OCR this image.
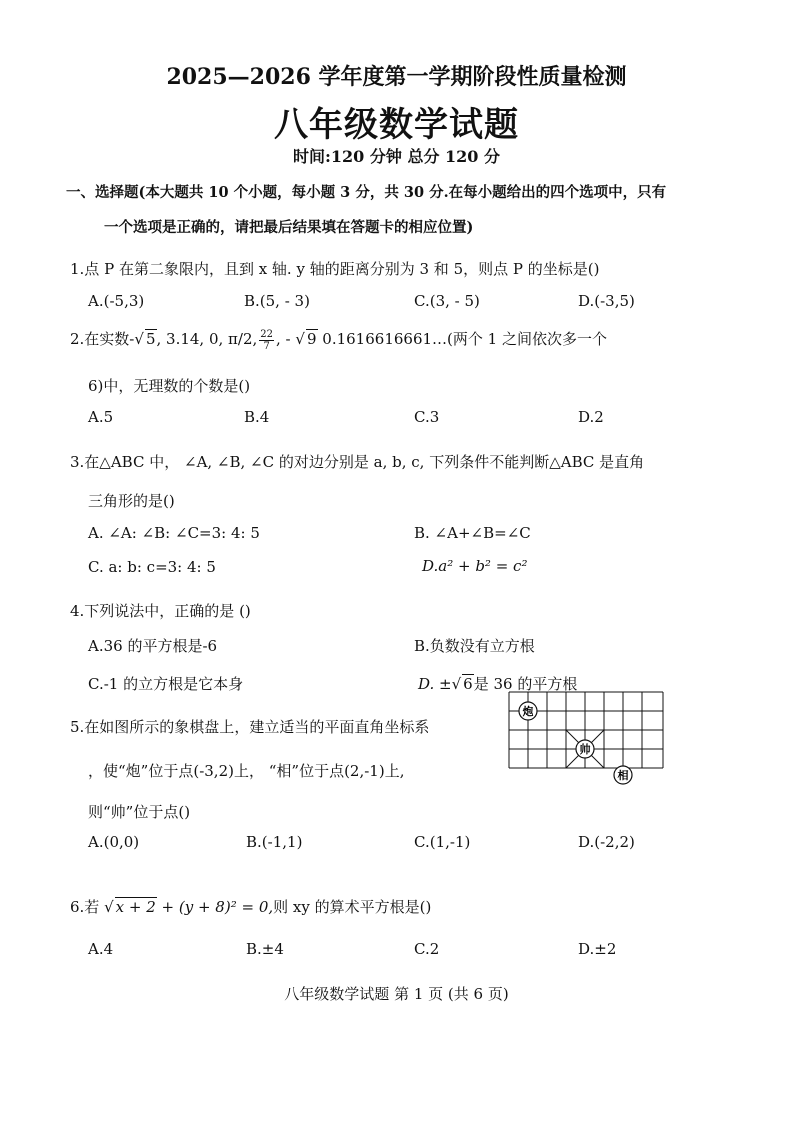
2025—2026 学年度第一学期阶段性质量检测
八年级数学试题
时间:120 分钟 总分 120 分
一、选择题(本大题共 10 个小题，每小题 3 分，共 30 分.在每小题给出的四个选项中，只有
一个选项是正确的，请把最后结果填在答题卡的相应位置)
1.点 P 在第二象限内，且到 x 轴. y 轴的距离分别为 3 和 5，则点 P 的坐标是()
A.(-5,3)	B.(5, - 3)	C.(3, - 5)	D.(-3,5)
2.在实数-√ 5, 3.14, 0, π/2, $\frac{22}{7}$ , - √ 9 0.1616616661…(两个 1 之间依次多一个
6)中，无理数的个数是()
A.5	B.4	C.3	D.2
3.在△ABC 中， ∠A, ∠B, ∠C 的对边分别是 a, b, c, 下列条件不能判断△ABC 是直角
三角形的是()
A. ∠A: ∠B: ∠C=3: 4: 5	B. ∠A+∠B=∠C
C. a: b: c=3: 4: 5	D.a² + b² = c²
4.下列说法中，正确的是 ()
A.36 的平方根是-6	B.负数没有立方根
C.-1 的立方根是它本身	D. ±√ 6是 36 的平方根
5.在如图所示的象棋盘上，建立适当的平面直角坐标系
，使“炮”位于点(-3,2)上， “相”位于点(2,-1)上,
则“帅”位于点()
炮
帅
相
A.(0,0)	B.(-1,1)	C.(1,-1)	D.(-2,2)
6.若 √ x + 2 + (y + 8)² = 0,则 xy 的算术平方根是()
A.4	B.±4	C.2	D.±2
八年级数学试题 第 1 页 (共 6 页)
